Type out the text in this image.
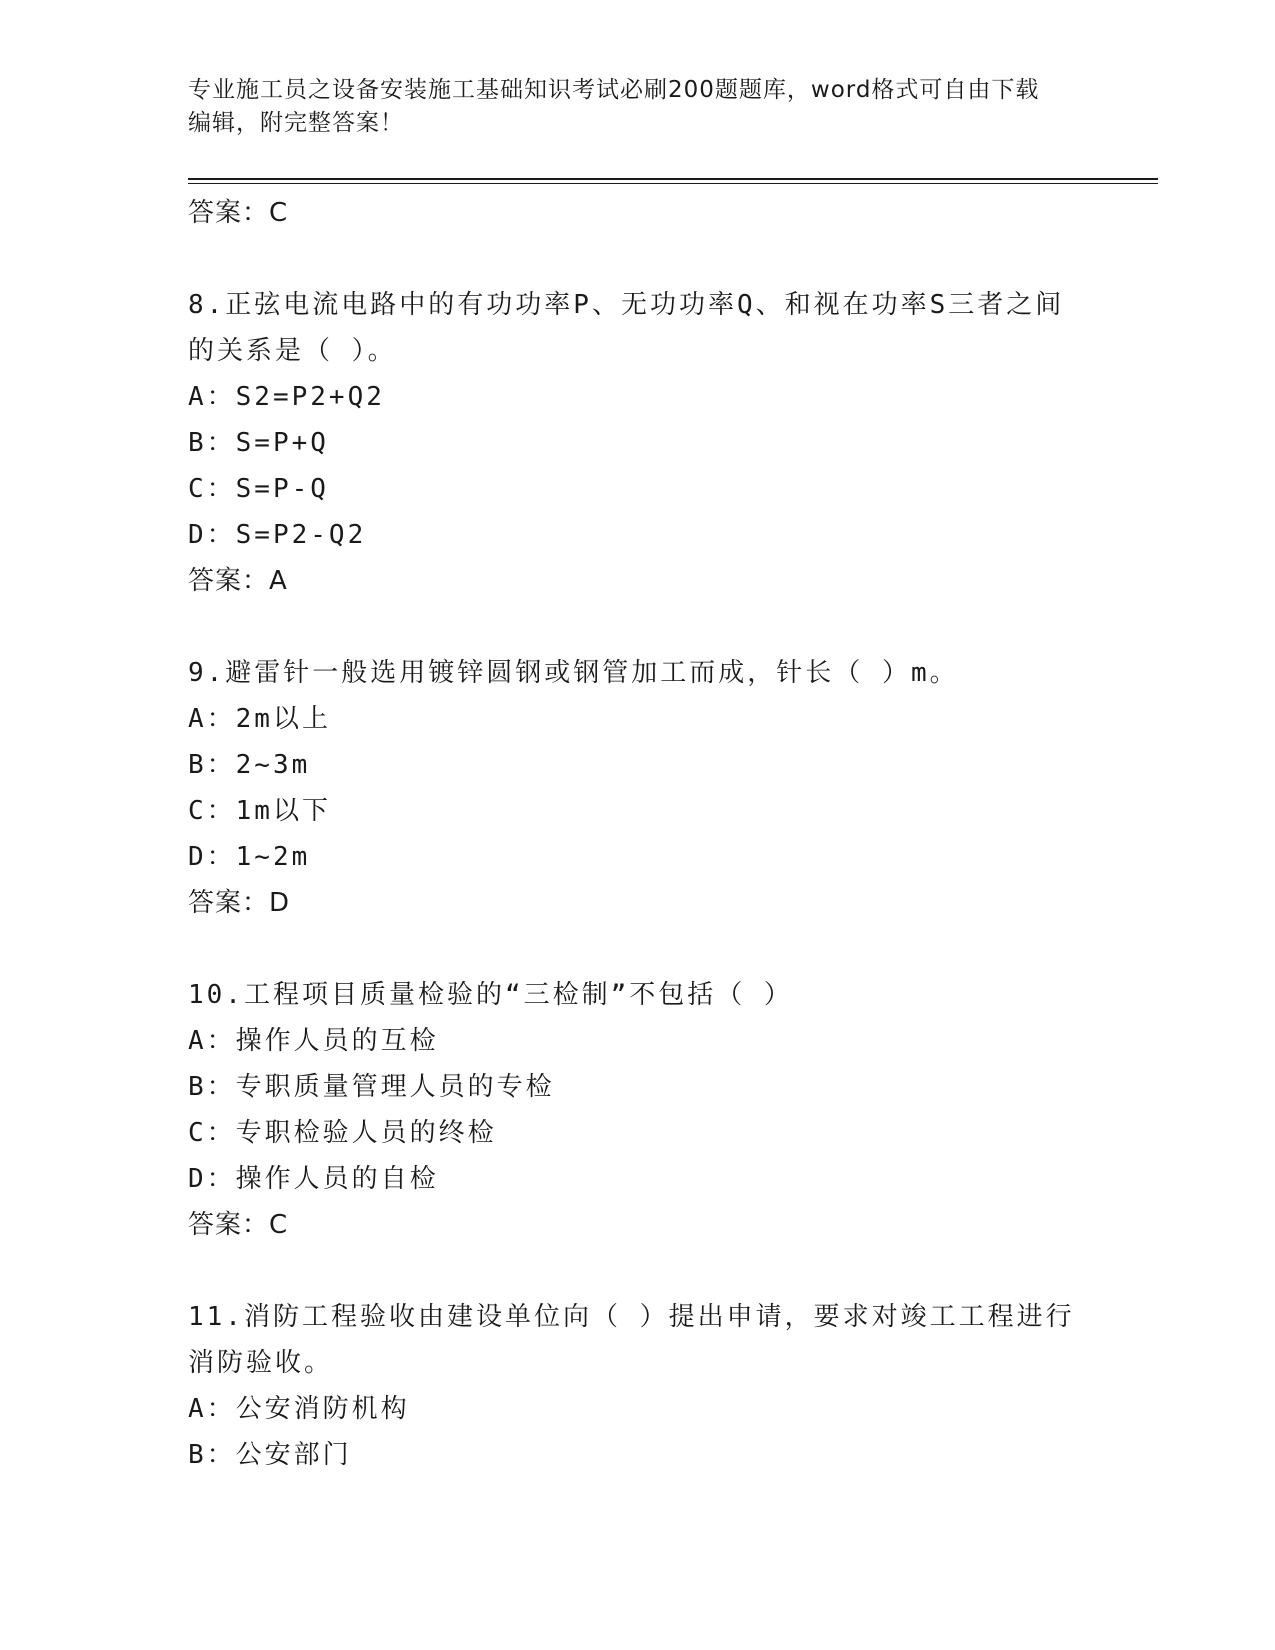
专业施工员之设备安装施工基础知识考试必刷200题题库，word格式可自由下载
编辑，附完整答案！
答案：C
8.正弦电流电路中的有功功率P、无功功率Q、和视在功率S三者之间
的关系是（ ）。
A：S2=P2+Q2
B：S=P+Q
C：S=P-Q
D：S=P2-Q2
答案：A
9.避雷针一般选用镀锌圆钢或钢管加工而成，针长（ ）m。
A：2m以上
B：2~3m
C：1m以下
D：1~2m
答案：D
10.工程项目质量检验的“三检制”不包括（ ）
A：操作人员的互检
B：专职质量管理人员的专检
C：专职检验人员的终检
D：操作人员的自检
答案：C
11.消防工程验收由建设单位向（ ）提出申请，要求对竣工工程进行
消防验收。
A：公安消防机构
B：公安部门
